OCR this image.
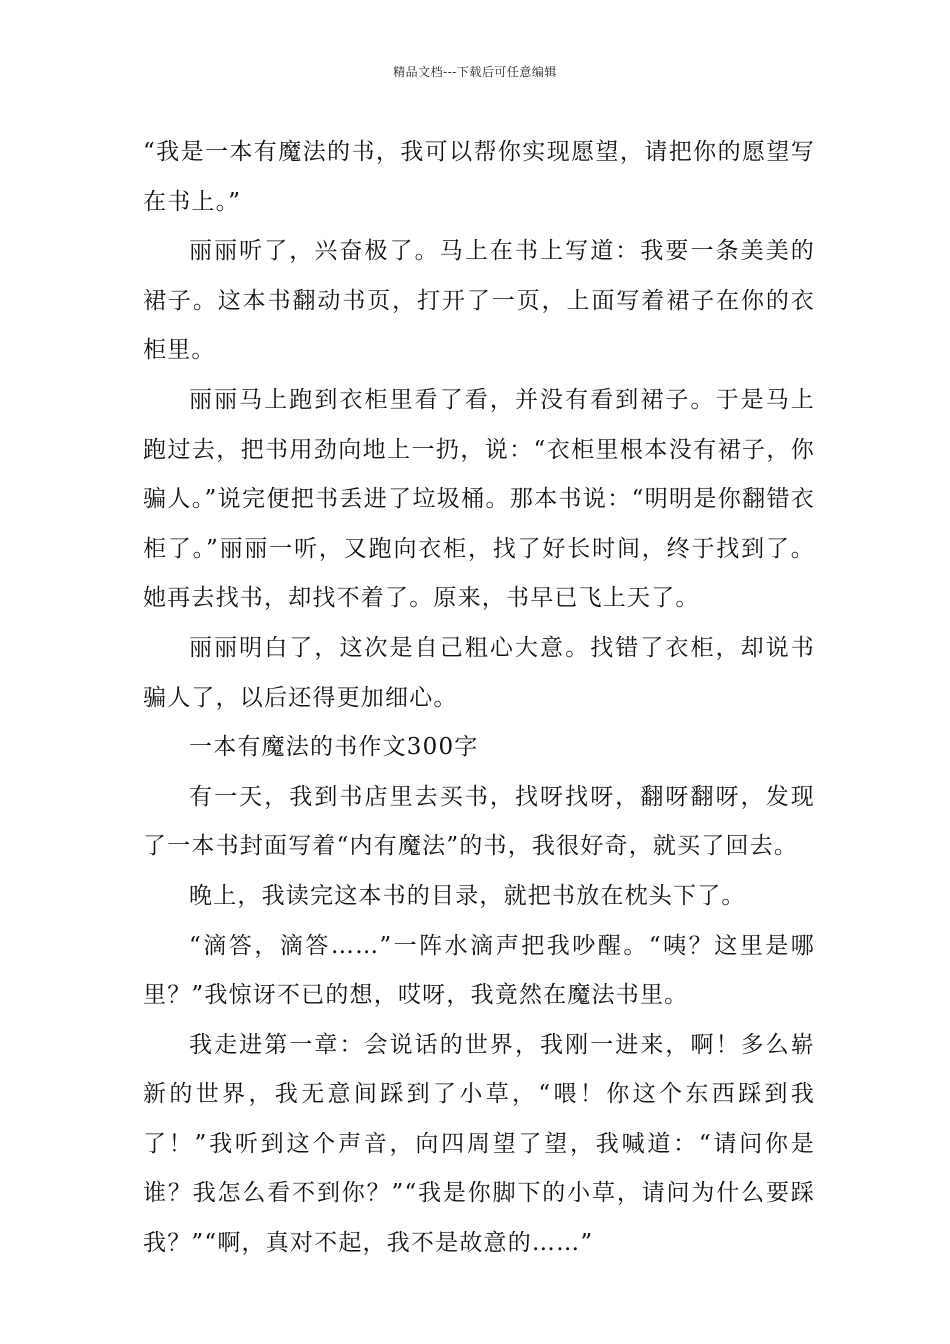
精品文档---下载后可任意编辑

“我是一本有魔法的书，我可以帮你实现愿望，请把你的愿望写在书上。”

丽丽听了，兴奋极了。马上在书上写道：我要一条美美的裙子。这本书翻动书页，打开了一页，上面写着裙子在你的衣柜里。

丽丽马上跑到衣柜里看了看，并没有看到裙子。于是马上跑过去，把书用劲向地上一扔，说：“衣柜里根本没有裙子，你骗人。”说完便把书丢进了垃圾桶。那本书说：“明明是你翻错衣柜了。”丽丽一听，又跑向衣柜，找了好长时间，终于找到了。她再去找书，却找不着了。原来，书早已飞上天了。

丽丽明白了，这次是自己粗心大意。找错了衣柜，却说书骗人了，以后还得更加细心。

一本有魔法的书作文300字

有一天，我到书店里去买书，找呀找呀，翻呀翻呀，发现了一本书封面写着“内有魔法”的书，我很好奇，就买了回去。

晚上，我读完这本书的目录，就把书放在枕头下了。

“滴答，滴答……”一阵水滴声把我吵醒。“咦？这里是哪里？”我惊讶不已的想，哎呀，我竟然在魔法书里。

我走进第一章：会说话的世界，我刚一进来，啊！多么崭新的世界，我无意间踩到了小草，“喂！你这个东西踩到我了！”我听到这个声音，向四周望了望，我喊道：“请问你是谁？我怎么看不到你？”“我是你脚下的小草，请问为什么要踩我？”“啊，真对不起，我不是故意的……”
